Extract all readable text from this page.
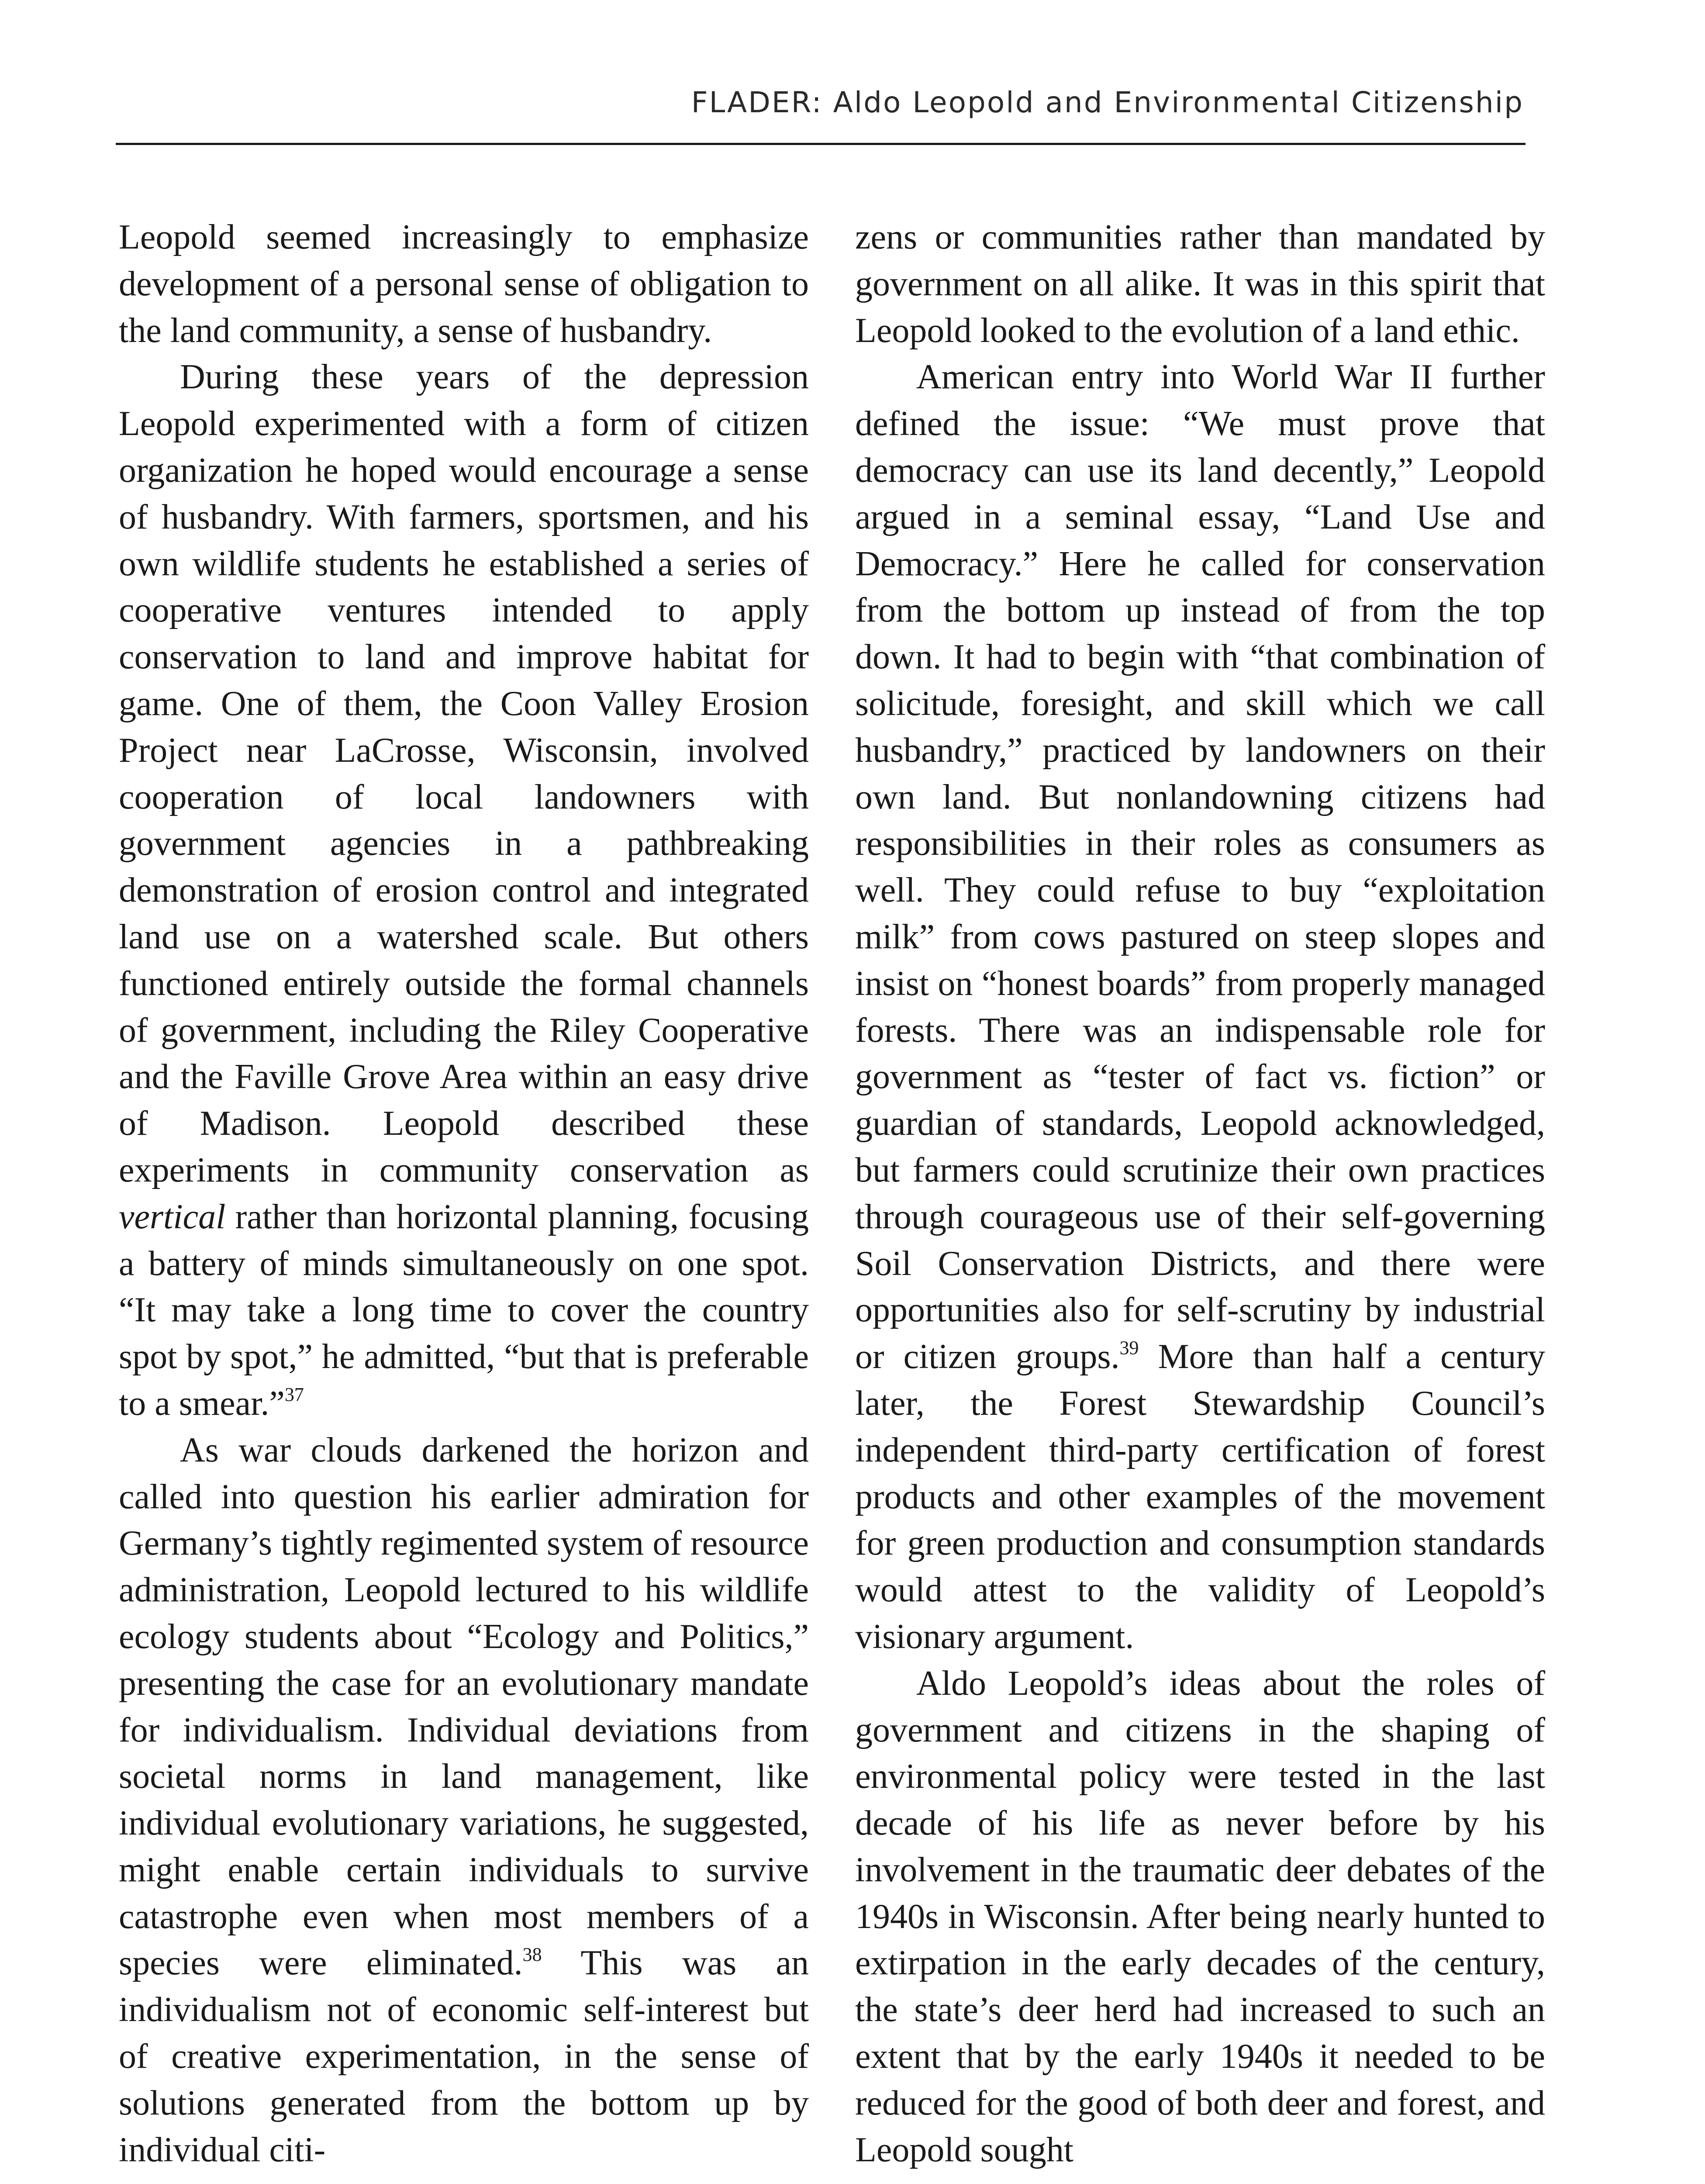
FLADER: Aldo Leopold and Environmental Citizenship

Leopold seemed increasingly to emphasize development of a personal sense of obligation to the land community, a sense of husbandry.

During these years of the depression Leopold experimented with a form of citizen organization he hoped would encourage a sense of husbandry. With farmers, sportsmen, and his own wildlife students he established a series of cooperative ventures intended to apply conservation to land and improve habitat for game. One of them, the Coon Valley Erosion Project near LaCrosse, Wisconsin, involved cooperation of local landowners with government agencies in a pathbreaking demonstration of erosion control and integrated land use on a watershed scale. But others functioned entirely outside the formal channels of government, including the Riley Cooperative and the Faville Grove Area within an easy drive of Madison. Leopold described these experiments in community conservation as vertical rather than horizontal planning, focusing a battery of minds simultaneously on one spot. “It may take a long time to cover the country spot by spot,” he admitted, “but that is preferable to a smear.”$^{37}$

As war clouds darkened the horizon and called into question his earlier admiration for Germany’s tightly regimented system of resource administration, Leopold lectured to his wildlife ecology students about “Ecology and Politics,” presenting the case for an evolutionary mandate for individualism. Individual deviations from societal norms in land management, like individual evolutionary variations, he suggested, might enable certain individuals to survive catastrophe even when most members of a species were eliminated.$^{38}$ This was an individualism not of economic self-interest but of creative experimentation, in the sense of solutions generated from the bottom up by individual citi-

zens or communities rather than mandated by government on all alike. It was in this spirit that Leopold looked to the evolution of a land ethic.

American entry into World War II further defined the issue: “We must prove that democracy can use its land decently,” Leopold argued in a seminal essay, “Land Use and Democracy.” Here he called for conservation from the bottom up instead of from the top down. It had to begin with “that combination of solicitude, foresight, and skill which we call husbandry,” practiced by landowners on their own land. But nonlandowning citizens had responsibilities in their roles as consumers as well. They could refuse to buy “exploitation milk” from cows pastured on steep slopes and insist on “honest boards” from properly managed forests. There was an indispensable role for government as “tester of fact vs. fiction” or guardian of standards, Leopold acknowledged, but farmers could scrutinize their own practices through courageous use of their self-governing Soil Conservation Districts, and there were opportunities also for self-scrutiny by industrial or citizen groups.$^{39}$ More than half a century later, the Forest Stewardship Council’s independent third-party certification of forest products and other examples of the movement for green production and consumption standards would attest to the validity of Leopold’s visionary argument.

Aldo Leopold’s ideas about the roles of government and citizens in the shaping of environmental policy were tested in the last decade of his life as never before by his involvement in the traumatic deer debates of the 1940s in Wisconsin. After being nearly hunted to extirpation in the early decades of the century, the state’s deer herd had increased to such an extent that by the early 1940s it needed to be reduced for the good of both deer and forest, and Leopold sought
